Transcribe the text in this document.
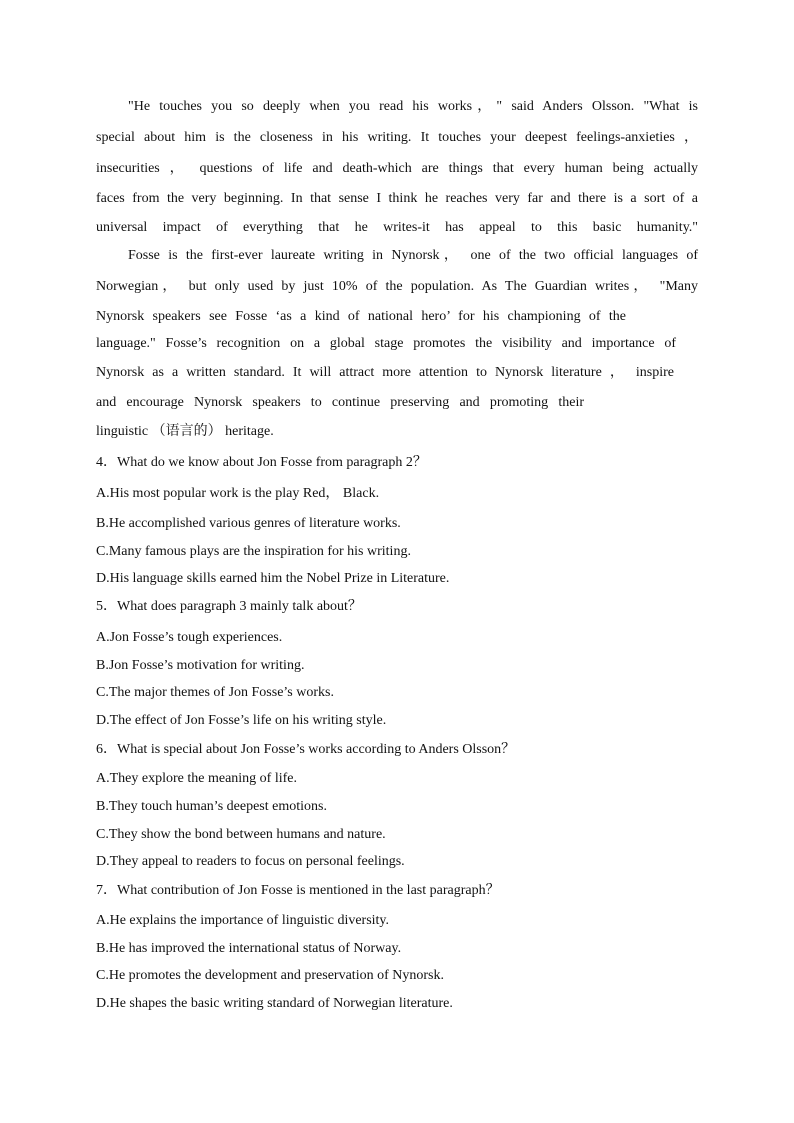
"He touches you so deeply when you read his works，" said Anders Olsson. "What is
special about him is the closeness in his writing. It touches your deepest feelings-anxieties ，
insecurities ， questions of life and death-which are things that every human being actually
faces from the very beginning. In that sense I think he reaches very far and there is a sort of a
universal impact of everything that he writes-it has appeal to this basic humanity."
Fosse is the first-ever laureate writing in Nynorsk， one of the two official languages of
Norwegian， but only used by just 10% of the population. As The Guardian writes， "Many
Nynorsk speakers see Fosse ‘as a kind of national hero’ for his championing of the
language." Fosse’s recognition on a global stage promotes the visibility and importance of
Nynorsk as a written standard. It will attract more attention to Nynorsk literature ， inspire
and encourage Nynorsk speakers to continue preserving and promoting their
linguistic （语言的） heritage.
4．What do we know about Jon Fosse from paragraph 2？
A.His most popular work is the play Red， Black.
B.He accomplished various genres of literature works.
C.Many famous plays are the inspiration for his writing.
D.His language skills earned him the Nobel Prize in Literature.
5．What does paragraph 3 mainly talk about？
A.Jon Fosse’s tough experiences.
B.Jon Fosse’s motivation for writing.
C.The major themes of Jon Fosse’s works.
D.The effect of Jon Fosse’s life on his writing style.
6．What is special about Jon Fosse’s works according to Anders Olsson？
A.They explore the meaning of life.
B.They touch human’s deepest emotions.
C.They show the bond between humans and nature.
D.They appeal to readers to focus on personal feelings.
7．What contribution of Jon Fosse is mentioned in the last paragraph？
A.He explains the importance of linguistic diversity.
B.He has improved the international status of Norway.
C.He promotes the development and preservation of Nynorsk.
D.He shapes the basic writing standard of Norwegian literature.
